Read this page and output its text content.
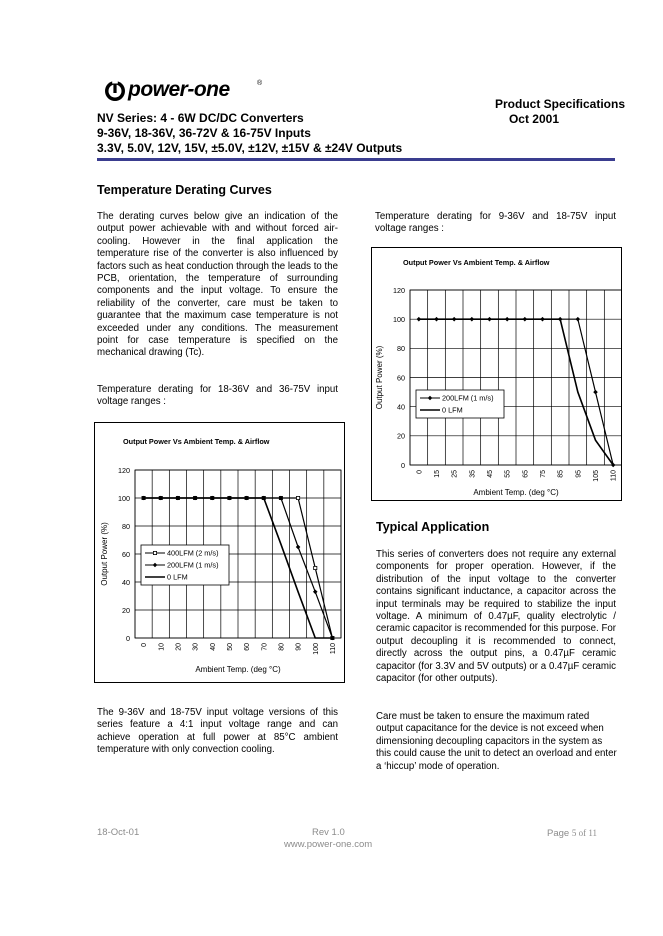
power-one	®
Product Specifications
Oct 2001
NV Series: 4 - 6W DC/DC Converters
9-36V, 18-36V, 36-72V & 16-75V Inputs
3.3V, 5.0V, 12V, 15V, ±5.0V, ±12V, ±15V & ±24V Outputs
Temperature Derating Curves
The derating curves below give an indication of the output power achievable with and without forced air-cooling. However in the final application the temperature rise of the converter is also influenced by factors such as heat conduction through the leads to the PCB, orientation, the temperature of surrounding components and the input voltage. To ensure the reliability of the converter, care must be taken to guarantee that the maximum case temperature is not exceeded under any conditions. The measurement point for case temperature is specified on the mechanical drawing (Tc).
Temperature derating for 18-36V and 36-75V input voltage ranges :
Output Power Vs Ambient Temp. & Airflow
0
20
40
60
80
100
120
0 10 20 30 40 50 60 70 80 90 100 110
Ambient Temp. (deg °C)
Output Power (%)	400LFM (2 m/s)
200LFM (1 m/s)
0 LFM
The 9-36V and 18-75V input voltage versions of this series feature a 4:1 input voltage range and can achieve operation at full power at 85°C ambient temperature with only convection cooling.
Temperature derating for 9-36V and 18-75V input voltage ranges :
Output Power Vs Ambient Temp. & Airflow
0
20
40
60
80
100
120
0 15 25 35 45 55 65 75 85 95 105 110
Ambient Temp. (deg °C)
Output Power (%)	200LFM (1 m/s)
0 LFM
Typical Application
This series of converters does not require any external components for proper operation. However, if the distribution of the input voltage to the converter contains significant inductance, a capacitor across the input terminals may be required to stabilize the input voltage. A minimum of 0.47µF, quality electrolytic / ceramic capacitor is recommended for this purpose. For output decoupling it is recommended to connect, directly across the output pins, a 0.47µF ceramic capacitor (for 3.3V and 5V outputs) or a 0.47µF ceramic capacitor (for other outputs).
Care must be taken to ensure the maximum rated output capacitance for the device is not exceed when dimensioning decoupling capacitors in the system as this could cause the unit to detect an overload and enter a ‘hiccup’ mode of operation.
18-Oct-01	Rev 1.0
www.power-one.com
Page 5 of 11
